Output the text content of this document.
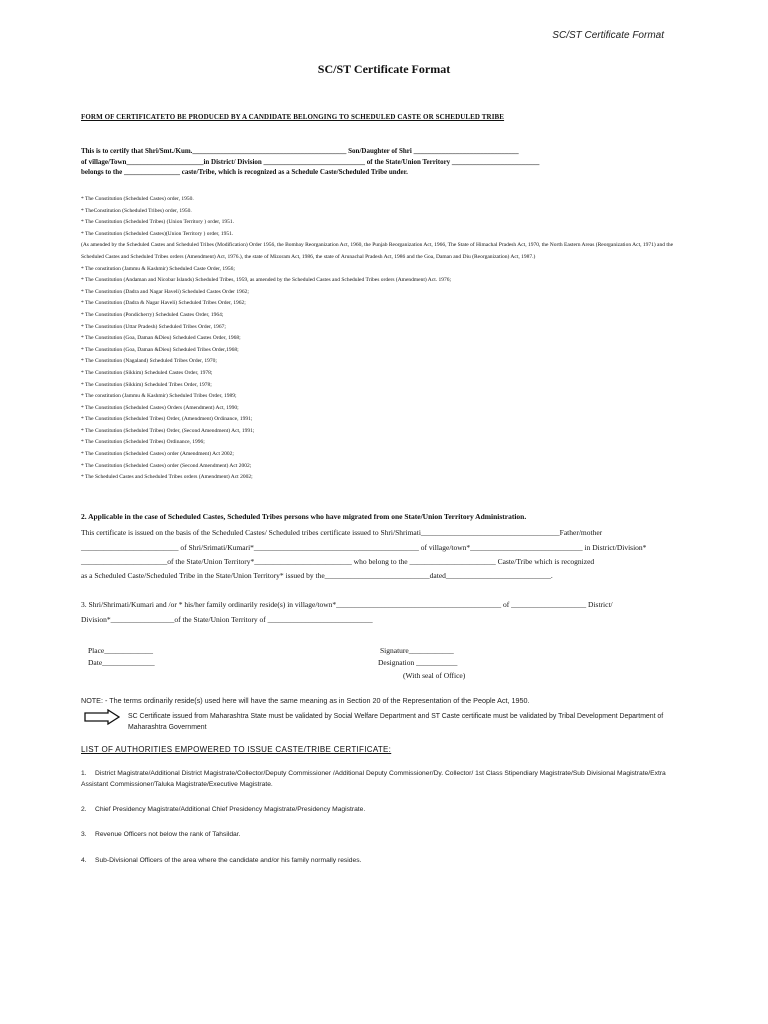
SC/ST Certificate Format
SC/ST Certificate Format
FORM OF CERTIFICATETO BE PRODUCED BY A CANDIDATE BELONGING TO SCHEDULED CASTE OR SCHEDULED TRIBE
This is to certify that Shri/Smt./Kum.____________________________________________ Son/Daughter of Shri ______________________________
of village/Town______________________in District/ Division _____________________________ of the State/Union Territory _________________________
belongs to the ________________ caste/Tribe, which is recognized as a Schedule Caste/Scheduled Tribe under.
* The Constitution (Scheduled Castes) order, 1950.
* TheConstitution (Scheduled Tribes) order, 1950.
* The Constitution (Scheduled Tribes) (Union Territory ) order, 1951.
* The Constitution (Scheduled Castes)(Union Territory ) order, 1951.
(As amended by the Scheduled Castes and Scheduled Tribes (Modification) Order 1956, the Bombay Reorganization Act, 1960, the Punjab Reorganization Act, 1966, The State of Himachal Pradesh Act, 1970, the North Eastern Areas (Reorganization Act, 1971) and the Scheduled Castes and Scheduled Tribes orders (Amendment) Act, 1976.), the state of Mizoram Act, 1986, the state of Arunachal Pradesh Act, 1986 and the Goa, Daman and Diu (Reorganization) Act, 1987.)
* The constitution (Jammu & Kashmir) Scheduled Caste Order, 1956;
* The Constitution (Andaman and Nicobar Islands) Scheduled Tribes, 1959, as amended by the Scheduled Castes and Scheduled Tribes orders (Amendment) Act. 1976;
* The Constitution (Dadra and Nagar Haveli) Scheduled Castes Order 1962;
* The Constitution (Dadra & Nagar Haveli) Scheduled Tribes Order, 1962;
* The Constitution (Pondicherry) Scheduled Castes Order, 1964;
* The Constitution (Uttar Pradesh) Scheduled Tribes Order, 1967;
* The Constitution (Goa, Daman &Dieu) Scheduled Castes Order, 1968;
* The Constitution (Goa, Daman &Dieu) Scheduled Tribes Order,1968;
* The Constitution (Nagaland) Scheduled Tribes Order, 1970;
* The Constitution (Sikkim) Scheduled Castes Order, 1978;
* The Constitution (Sikkim) Scheduled Tribes Order, 1978;
* The constitution (Jammu & Kashmir) Scheduled Tribes Order, 1989;
* The Constitution (Scheduled Castes) Orders (Amendment) Act, 1990;
* The Constitution (Scheduled Tribes) Order, (Amendment) Ordinance, 1991;
* The Constitution (Scheduled Tribes) Order, (Second Amendment) Act, 1991;
* The Constitution (Scheduled Tribes) Ordinance, 1996;
* The Constitution (Scheduled Castes) order (Amendment) Act 2002;
* The Constitution (Scheduled Castes) order (Second Amendment) Act 2002;
* The Scheduled Castes and Scheduled Tribes orders (Amendment) Act 2002;
2. Applicable in the case of Scheduled Castes, Scheduled Tribes persons who have migrated from one State/Union Territory Administration.
This certificate is issued on the basis of the Scheduled Castes/ Scheduled tribes certificate issued to Shri/Shrimati_____________________________________Father/mother
__________________________ of Shri/Srimati/Kumari*____________________________________________ of village/town*______________________________ in District/Division*
_______________________of the State/Union Territory*__________________________ who belong to the _______________________ Caste/Tribe which is recognized
as a Scheduled Caste/Scheduled Tribe in the State/Union Territory* issued by the____________________________dated____________________________.
3. Shri/Shrimati/Kumari and /or * his/her family ordinarily reside(s) in village/town*____________________________________________ of ____________________ District/
Division*_________________of the State/Union Territory of ____________________________
Place_____________
Date______________
Signature____________
Designation ___________
(With seal of Office)
NOTE: - The terms ordinarily reside(s) used here will have the same meaning as in Section 20 of the Representation of the People Act, 1950.
SC Certificate issued from Maharashtra State must be validated by Social Welfare Department and ST Caste certificate must be validated by Tribal Development Department of Maharashtra Government
LIST OF AUTHORITIES EMPOWERED TO ISSUE CASTE/TRIBE CERTIFICATE:
1. District Magistrate/Additional District Magistrate/Collector/Deputy Commissioner /Additional Deputy Commissioner/Dy. Collector/ 1st Class Stipendiary Magistrate/Sub Divisional Magistrate/Extra Assistant Commissioner/Taluka Magistrate/Executive Magistrate.
2. Chief Presidency Magistrate/Additional Chief Presidency Magistrate/Presidency Magistrate.
3. Revenue Officers not below the rank of Tahsildar.
4. Sub-Divisional Officers of the area where the candidate and/or his family normally resides.
